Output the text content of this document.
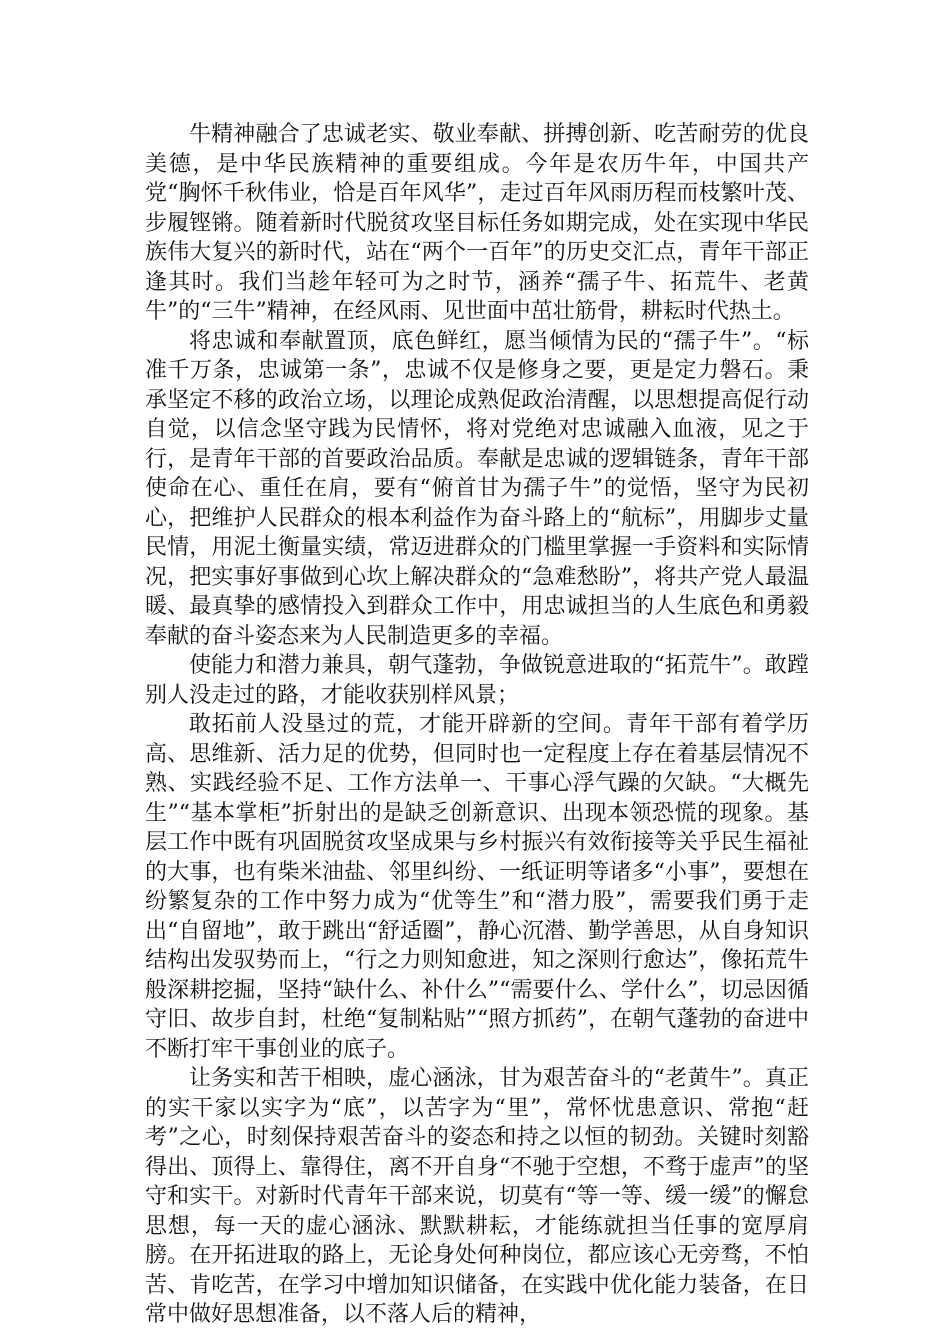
牛精神融合了忠诚老实、敬业奉献、拼搏创新、吃苦耐劳的优良美德，是中华民族精神的重要组成。今年是农历牛年，中国共产党“胸怀千秋伟业，恰是百年风华”，走过百年风雨历程而枝繁叶茂、步履铿锵。随着新时代脱贫攻坚目标任务如期完成，处在实现中华民族伟大复兴的新时代，站在“两个一百年”的历史交汇点，青年干部正逢其时。我们当趁年轻可为之时节，涵养“孺子牛、拓荒牛、老黄牛”的“三牛”精神，在经风雨、见世面中茁壮筋骨，耕耘时代热土。

将忠诚和奉献置顶，底色鲜红，愿当倾情为民的“孺子牛”。“标准千万条，忠诚第一条”，忠诚不仅是修身之要，更是定力磐石。秉承坚定不移的政治立场，以理论成熟促政治清醒，以思想提高促行动自觉，以信念坚守践为民情怀，将对党绝对忠诚融入血液，见之于行，是青年干部的首要政治品质。奉献是忠诚的逻辑链条，青年干部使命在心、重任在肩，要有“俯首甘为孺子牛”的觉悟，坚守为民初心，把维护人民群众的根本利益作为奋斗路上的“航标”，用脚步丈量民情，用泥土衡量实绩，常迈进群众的门槛里掌握一手资料和实际情况，把实事好事做到心坎上解决群众的“急难愁盼”，将共产党人最温暖、最真挚的感情投入到群众工作中，用忠诚担当的人生底色和勇毅奉献的奋斗姿态来为人民制造更多的幸福。

使能力和潜力兼具，朝气蓬勃，争做锐意进取的“拓荒牛”。敢蹚别人没走过的路，才能收获别样风景；

敢拓前人没垦过的荒，才能开辟新的空间。青年干部有着学历高、思维新、活力足的优势，但同时也一定程度上存在着基层情况不熟、实践经验不足、工作方法单一、干事心浮气躁的欠缺。“大概先生”“基本掌柜”折射出的是缺乏创新意识、出现本领恐慌的现象。基层工作中既有巩固脱贫攻坚成果与乡村振兴有效衔接等关乎民生福祉的大事，也有柴米油盐、邻里纠纷、一纸证明等诸多“小事”，要想在纷繁复杂的工作中努力成为“优等生”和“潜力股”，需要我们勇于走出“自留地”，敢于跳出“舒适圈”，静心沉潜、勤学善思，从自身知识结构出发驭势而上，“行之力则知愈进，知之深则行愈达”，像拓荒牛般深耕挖掘，坚持“缺什么、补什么”“需要什么、学什么”，切忌因循守旧、故步自封，杜绝“复制粘贴”“照方抓药”，在朝气蓬勃的奋进中不断打牢干事创业的底子。

让务实和苦干相映，虚心涵泳，甘为艰苦奋斗的“老黄牛”。真正的实干家以实字为“底”，以苦字为“里”，常怀忧患意识、常抱“赶考”之心，时刻保持艰苦奋斗的姿态和持之以恒的韧劲。关键时刻豁得出、顶得上、靠得住，离不开自身“不驰于空想，不骛于虚声”的坚守和实干。对新时代青年干部来说，切莫有“等一等、缓一缓”的懈怠思想，每一天的虚心涵泳、默默耕耘，才能练就担当任事的宽厚肩膀。在开拓进取的路上，无论身处何种岗位，都应该心无旁骛，不怕苦、肯吃苦，在学习中增加知识储备，在实践中优化能力装备，在日常中做好思想准备，以不落人后的精神，
